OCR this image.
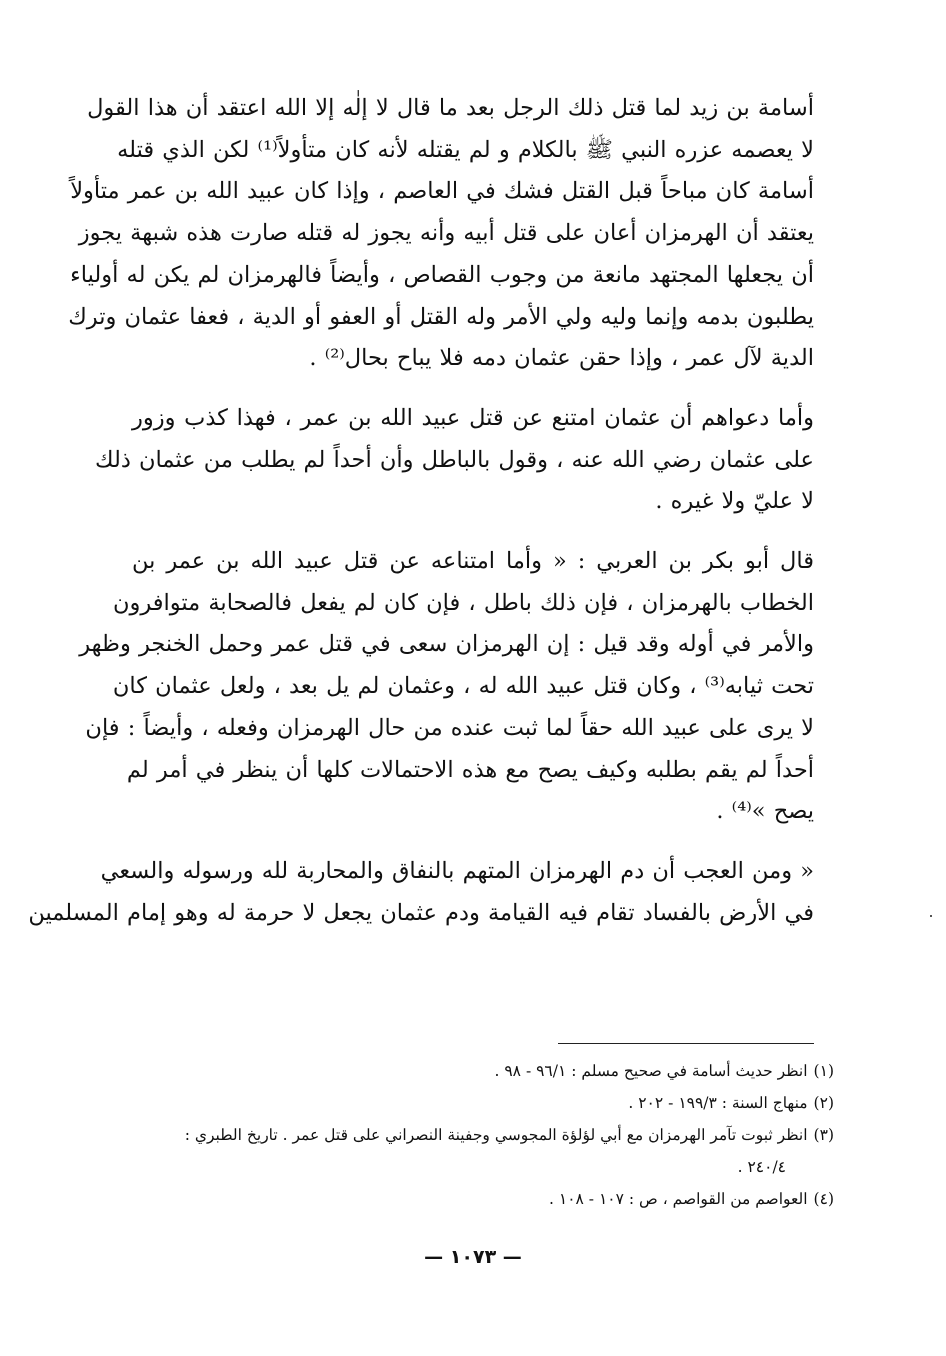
أسامة بن زيد لما قتل ذلك الرجل بعد ما قال لا إلٰه إلا الله اعتقد أن هذا القول
لا يعصمه عزره النبي ﷺ بالكلام و لم يقتله لأنه كان متأولاً⁽¹⁾ لكن الذي قتله
أسامة كان مباحاً قبل القتل فشك في العاصم ، وإذا كان عبيد الله بن عمر متأولاً
يعتقد أن الهرمزان أعان على قتل أبيه وأنه يجوز له قتله صارت هذه شبهة يجوز
أن يجعلها المجتهد مانعة من وجوب القصاص ، وأيضاً فالهرمزان لم يكن له أولياء
يطلبون بدمه وإنما وليه ولي الأمر وله القتل أو العفو أو الدية ، فعفا عثمان وترك
الدية لآل عمر ، وإذا حقن عثمان دمه فلا يباح بحال⁽²⁾ .

وأما دعواهم أن عثمان امتنع عن قتل عبيد الله بن عمر ، فهذا كذب وزور
على عثمان رضي الله عنه ، وقول بالباطل وأن أحداً لم يطلب من عثمان ذلك
لا عليّ ولا غيره .

قال أبو بكر بن العربي : « وأما امتناعه عن قتل عبيد الله بن عمر بن
الخطاب بالهرمزان ، فإن ذلك باطل ، فإن كان لم يفعل فالصحابة متوافرون
والأمر في أوله وقد قيل : إن الهرمزان سعى في قتل عمر وحمل الخنجر وظهر
تحت ثيابه⁽³⁾ ، وكان قتل عبيد الله له ، وعثمان لم يل بعد ، ولعل عثمان كان
لا يرى على عبيد الله حقاً لما ثبت عنده من حال الهرمزان وفعله ، وأيضاً : فإن
أحداً لم يقم بطلبه وكيف يصح مع هذه الاحتمالات كلها أن ينظر في أمر لم
يصح »⁽⁴⁾ .

« ومن العجب أن دم الهرمزان المتهم بالنفاق والمحاربة لله ورسوله والسعي
في الأرض بالفساد تقام فيه القيامة ودم عثمان يجعل لا حرمة له وهو إمام المسلمين

(١)انظر حديث أسامة في صحيح مسلم : ٩٦/١ - ٩٨ .

(٢)منهاج السنة : ١٩٩/٣ - ٢٠٢ .

(٣)انظر ثبوت تآمر الهرمزان مع أبي لؤلؤة المجوسي وجفينة النصراني على قتل عمر . تاريخ الطبري :

٢٤٠/٤ .

(٤)العواصم من القواصم ، ص : ١٠٧ - ١٠٨ .

— ١٠٧٣ —
